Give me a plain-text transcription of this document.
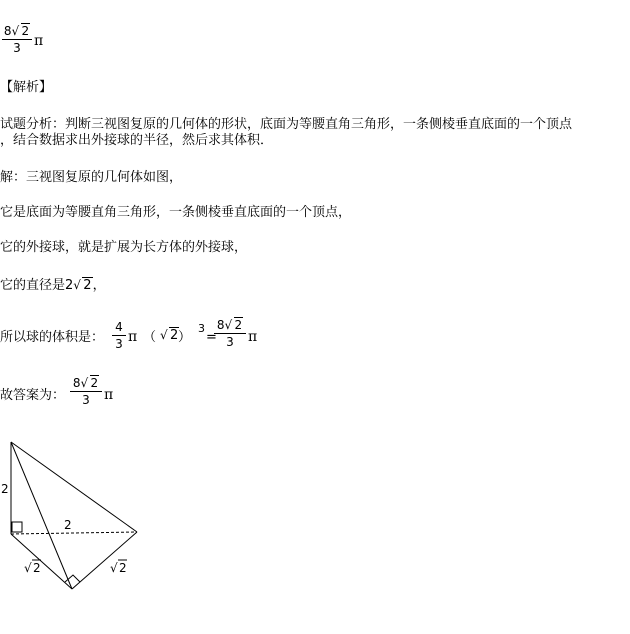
8 √ 2
3 π
【解析】
试题分析：判断三视图复原的几何体的形状，底面为等腰直角三角形，一条侧棱垂直底面的一个顶点
，结合数据求出外接球的半径，然后求其体积．
解：三视图复原的几何体如图，
它是底面为等腰直角三角形，一条侧棱垂直底面的一个顶点，
它的外接球，就是扩展为长方体的外接球，
它的直径是2 √ 2，
所以球的体积是：
4
3 π （ √ 2 ）
3
=
8 √ 2
3	π
故答案为：
8 √ 2
3	π
2
2
√ 2	√ 2
